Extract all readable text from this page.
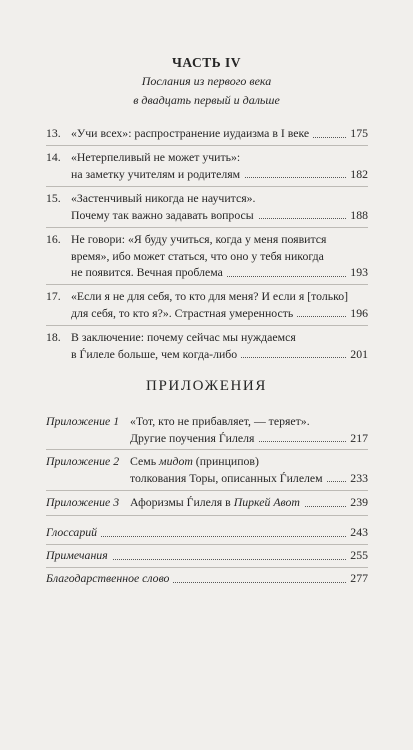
ЧАСТЬ IV
Послания из первого века
в двадцать первый и дальше
13. «Учи всех»: распространение иудаизма в I веке	175
14. «Нетерпеливый не может учить»:
на заметку учителям и родителям	182
15. «Застенчивый никогда не научится».
Почему так важно задавать вопросы	188
16. Не говори: «Я буду учиться, когда у меня появится
время», ибо может статься, что оно у тебя никогда
не появится. Вечная проблема	193
17. «Если я не для себя, то кто для меня? И если я [только]
для себя, то кто я?». Страстная умеренность	196
18. В заключение: почему сейчас мы нуждаемся
в Ѓилеле больше, чем когда-либо	201
ПРИЛОЖЕНИЯ
Приложение 1 «Тот, кто не прибавляет, — теряет».
Другие поучения Ѓилеля	217
Приложение 2 Семь мидот (принципов)
толкования Торы, описанных Ѓилелем	233
Приложение 3 Афоризмы Ѓилеля в Пиркей Авот	239
Глоссарий	243
Примечания	255
Благодарственное слово	277
